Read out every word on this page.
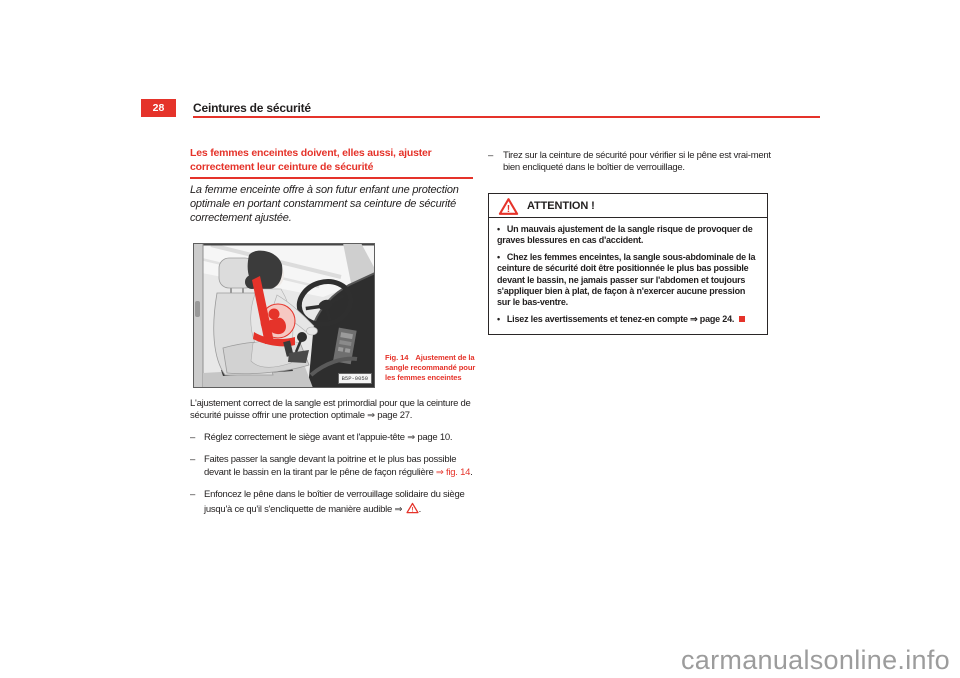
28	Ceintures de sécurité
Les femmes enceintes doivent, elles aussi, ajuster correctement leur ceinture de sécurité

La femme enceinte offre à son futur enfant une protection optimale en portant constamment sa ceinture de sécurité correctement ajustée.

B5P-0050
Fig. 14 Ajustement de la sangle recommandé pour les femmes enceintes

L'ajustement correct de la sangle est primordial pour que la ceinture de sécurité puisse offrir une protection optimale ⇒ page 27.

– Réglez correctement le siège avant et l'appuie-tête ⇒ page 10.
– Faites passer la sangle devant la poitrine et le plus bas possible devant le bassin en la tirant par le pêne de façon régulière ⇒ fig. 14.
– Enfoncez le pêne dans le boîtier de verrouillage solidaire du siège jusqu'à ce qu'il s'encliquette de manière audible ⇒ ! .

– Tirez sur la ceinture de sécurité pour vérifier si le pêne est vrai-ment bien encliqueté dans le boîtier de verrouillage.

! ATTENTION !

•   Un mauvais ajustement de la sangle risque de provoquer de graves blessures en cas d'accident.

•   Chez les femmes enceintes, la sangle sous-abdominale de la ceinture de sécurité doit être positionnée le plus bas possible devant le bassin, ne jamais passer sur l'abdomen et toujours s'appliquer bien à plat, de façon à n'exercer aucune pression sur le bas-ventre.

•   Lisez les avertissements et tenez-en compte ⇒ page 24.

carmanualsonline.info
